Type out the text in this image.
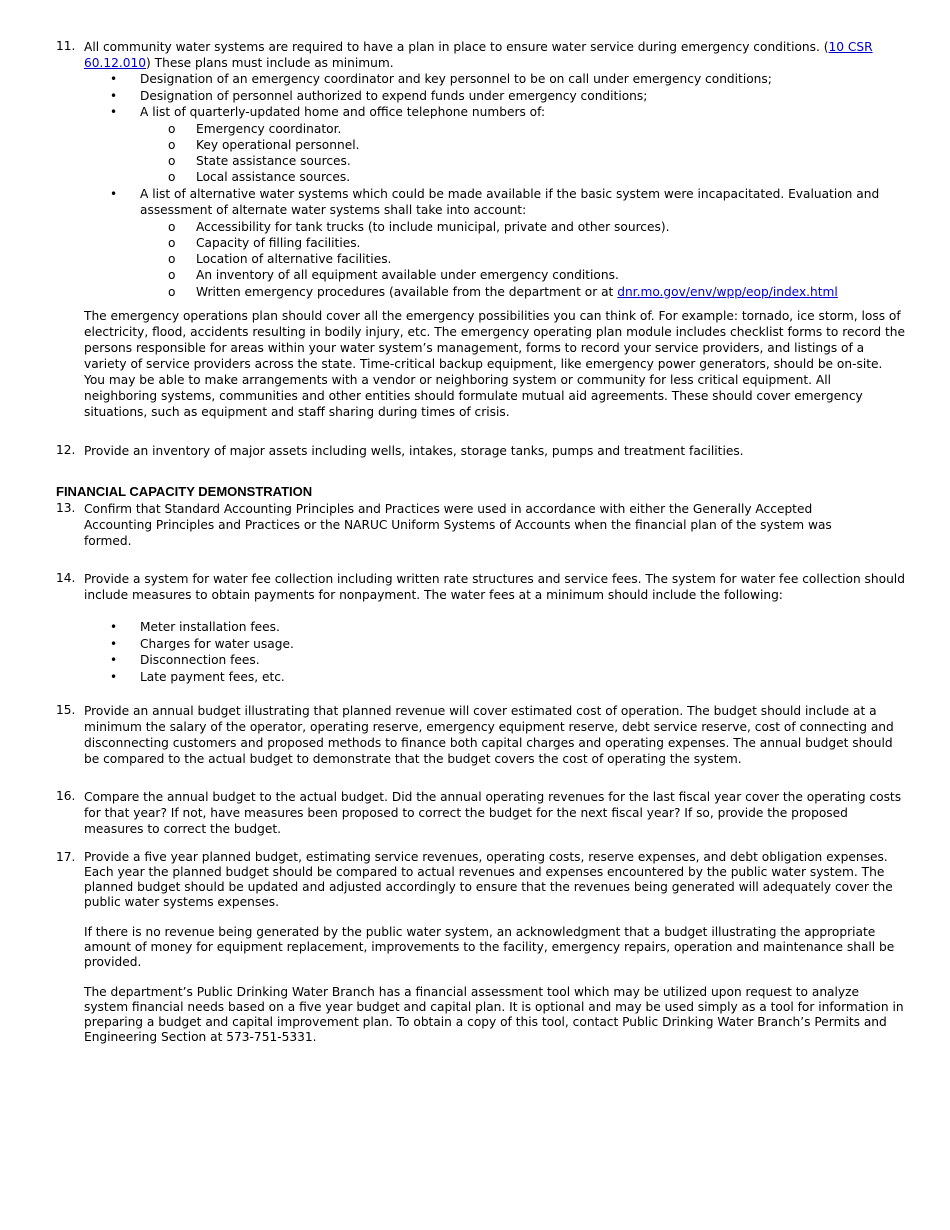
11. All community water systems are required to have a plan in place to ensure water service during emergency conditions. (10 CSR 60.12.010) These plans must include as minimum.

• Designation of an emergency coordinator and key personnel to be on call under emergency conditions;
• Designation of personnel authorized to expend funds under emergency conditions;
• A list of quarterly-updated home and office telephone numbers of:
o Emergency coordinator.
o Key operational personnel.
o State assistance sources.
o Local assistance sources.
• A list of alternative water systems which could be made available if the basic system were incapacitated. Evaluation and assessment of alternate water systems shall take into account:
o Accessibility for tank trucks (to include municipal, private and other sources).
o Capacity of filling facilities.
o Location of alternative facilities.
o An inventory of all equipment available under emergency conditions.
o Written emergency procedures (available from the department or at dnr.mo.gov/env/wpp/eop/index.html

The emergency operations plan should cover all the emergency possibilities you can think of. For example: tornado, ice storm, loss of electricity, flood, accidents resulting in bodily injury, etc. The emergency operating plan module includes checklist forms to record the persons responsible for areas within your water system’s management, forms to record your service providers, and listings of a variety of service providers across the state. Time-critical backup equipment, like emergency power generators, should be on-site. You may be able to make arrangements with a vendor or neighboring system or community for less critical equipment. All neighboring systems, communities and other entities should formulate mutual aid agreements. These should cover emergency situations, such as equipment and staff sharing during times of crisis.

12. Provide an inventory of major assets including wells, intakes, storage tanks, pumps and treatment facilities.

FINANCIAL CAPACITY DEMONSTRATION
13. Confirm that Standard Accounting Principles and Practices were used in accordance with either the Generally Accepted Accounting Principles and Practices or the NARUC Uniform Systems of Accounts when the financial plan of the system was formed.

14. Provide a system for water fee collection including written rate structures and service fees. The system for water fee collection should include measures to obtain payments for nonpayment. The water fees at a minimum should include the following:

• Meter installation fees.
• Charges for water usage.
• Disconnection fees.
• Late payment fees, etc.
15. Provide an annual budget illustrating that planned revenue will cover estimated cost of operation. The budget should include at a minimum the salary of the operator, operating reserve, emergency equipment reserve, debt service reserve, cost of connecting and disconnecting customers and proposed methods to finance both capital charges and operating expenses. The annual budget should be compared to the actual budget to demonstrate that the budget covers the cost of operating the system.

16. Compare the annual budget to the actual budget. Did the annual operating revenues for the last fiscal year cover the operating costs for that year? If not, have measures been proposed to correct the budget for the next fiscal year? If so, provide the proposed measures to correct the budget.

17. Provide a five year planned budget, estimating service revenues, operating costs, reserve expenses, and debt obligation expenses. Each year the planned budget should be compared to actual revenues and expenses encountered by the public water system. The planned budget should be updated and adjusted accordingly to ensure that the revenues being generated will adequately cover the public water systems expenses.

If there is no revenue being generated by the public water system, an acknowledgment that a budget illustrating the appropriate amount of money for equipment replacement, improvements to the facility, emergency repairs, operation and maintenance shall be provided.

The department’s Public Drinking Water Branch has a financial assessment tool which may be utilized upon request to analyze system financial needs based on a five year budget and capital plan. It is optional and may be used simply as a tool for information in preparing a budget and capital improvement plan. To obtain a copy of this tool, contact Public Drinking Water Branch’s Permits and Engineering Section at 573-751-5331.
